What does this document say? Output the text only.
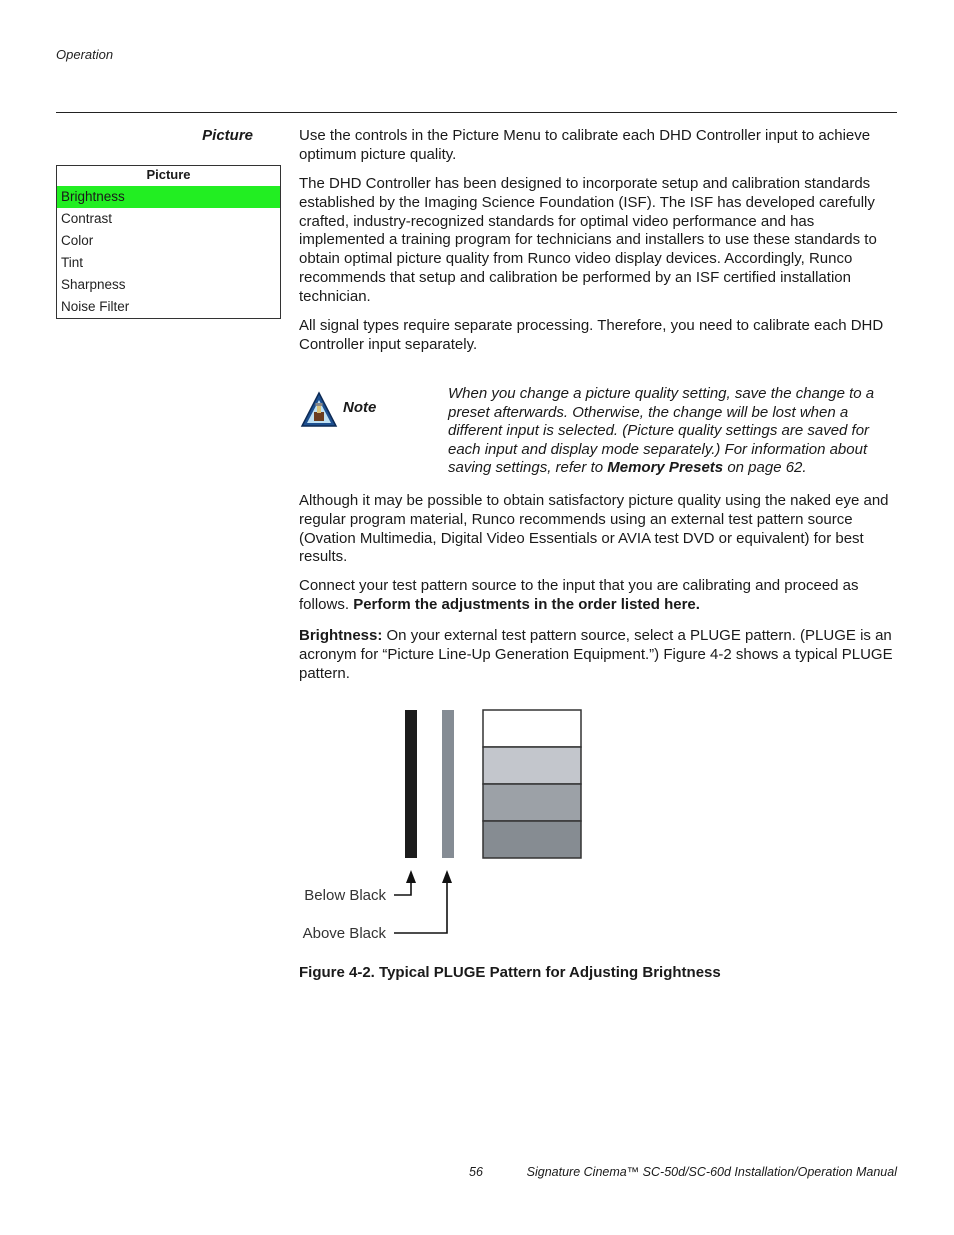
Operation
Picture
Picture
Brightness
Contrast
Color
Tint
Sharpness
Noise Filter

Use the controls in the Picture Menu to calibrate each DHD Controller input to achieve optimum picture quality.

The DHD Controller has been designed to incorporate setup and calibration standards established by the Imaging Science Foundation (ISF). The ISF has developed carefully crafted, industry-recognized standards for optimal video performance and has implemented a training program for technicians and installers to use these standards to obtain optimal picture quality from Runco video display devices. Accordingly, Runco recommends that setup and calibration be performed by an ISF certified installation technician.

All signal types require separate processing. Therefore, you need to calibrate each DHD Controller input separately.

Note
When you change a picture quality setting, save the change to a preset afterwards. Otherwise, the change will be lost when a different input is selected. (Picture quality settings are saved for each input and display mode separately.) For information about saving settings, refer to Memory Presets on page 62.

Although it may be possible to obtain satisfactory picture quality using the naked eye and regular program material, Runco recommends using an external test pattern source (Ovation Multimedia, Digital Video Essentials or AVIA test DVD or equivalent) for best results.

Connect your test pattern source to the input that you are calibrating and proceed as follows. Perform the adjustments in the order listed here.

Brightness: On your external test pattern source, select a PLUGE pattern. (PLUGE is an acronym for “Picture Line-Up Generation Equipment.”) Figure 4-2 shows a typical PLUGE pattern.

Below Black
Above Black
Figure 4-2. Typical PLUGE Pattern for Adjusting Brightness
56	Signature Cinema™ SC-50d/SC-60d Installation/Operation Manual
